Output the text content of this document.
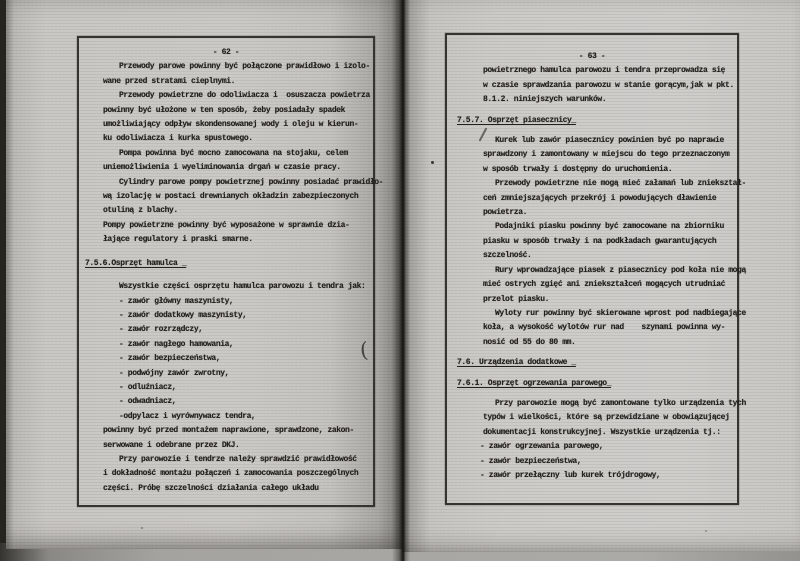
- 62 -
Przewody parowe powinny być połączone prawidłowo i izolo-
wane przed stratami cieplnymi.
Przewody powietrzne do odoliwiacza i  osuszacza powietrza
powinny być ułożone w ten sposób, żeby posiadały spadek
umożliwiający odpływ skondensowanej wody i oleju w kierun-
ku odoliwiacza i kurka spustowego.
Pompa powinna być mocno zamocowana na stojaku, celem
uniemożliwienia i wyeliminowania drgań w czasie pracy.
Cylindry parowe pompy powietrznej powinny posiadać prawidło-
wą izolację w postaci drewnianych okładzin zabezpieczonych
otuliną z blachy.
Pompy powietrzne powinny być wyposażone w sprawnie dzia-
łające regulatory i praski smarne.
7.5.6.Osprzęt hamulca _
Wszystkie części osprzętu hamulca parowozu i tendra jak:
- zawór główny maszynisty,
- zawór dodatkowy maszynisty,
- zawór rozrządczy,
- zawór nagłego hamowania,
- zawór bezpieczeństwa,
- podwójny zawór zwrotny,
- odluźniacz,
- odwadniacz,
-odpylacz i wyrównywacz tendra,
powinny być przed montażem naprawione, sprawdzone, zakon-
serwowane i odebrane przez DKJ.
Przy parowozie i tendrze należy sprawdzić prawidłowość
i dokładność montażu połączeń i zamocowania poszczególnych
części. Próbę szczelności działania całego układu
- 63 -
powietrznego hamulca parowozu i tendra przeprowadza się
w czasie sprawdzania parowozu w stanie gorącym,jak w pkt.
8.1.2. niniejszych warunków.
7.5.7. Osprzęt piasecznicy_
Kurek lub zawór piasecznicy powinien być po naprawie
sprawdzony i zamontowany w miejscu do tego przeznaczonym
w sposób trwały i dostępny do uruchomienia.
Przewody powietrzne nie mogą mieć załamań lub zniekształ-
ceń zmniejszających przekrój i powodujących dławienie
powietrza.
Podajniki piasku powinny być zamocowane na zbiorniku
piasku w sposób trwały i na podkładach gwarantujących
szczelność.
Rury wprowadzające piasek z piasecznicy pod koła nie mogą
mieć ostrych zgięć ani zniekształceń mogących utrudniać
przelot piasku.
Wyloty rur powinny być skierowane wprost pod nadbiegające
koła, a wysokość wylotów rur nad    szynami powinna wy-
nosić od 55 do 80 mm.
7.6. Urządzenia dodatkowe _
7.6.1. Osprzęt ogrzewania parowego_
Przy parowozie mogą być zamontowane tylko urządzenia tych
typów i wielkości, które są przewidziane w obowiązującej
dokumentacji konstrukcyjnej. Wszystkie urządzenia tj.:
- zawór ogrzewania parowego,
- zawór bezpieczeństwa,
- zawór przełączny lub kurek trójdrogowy,
(
